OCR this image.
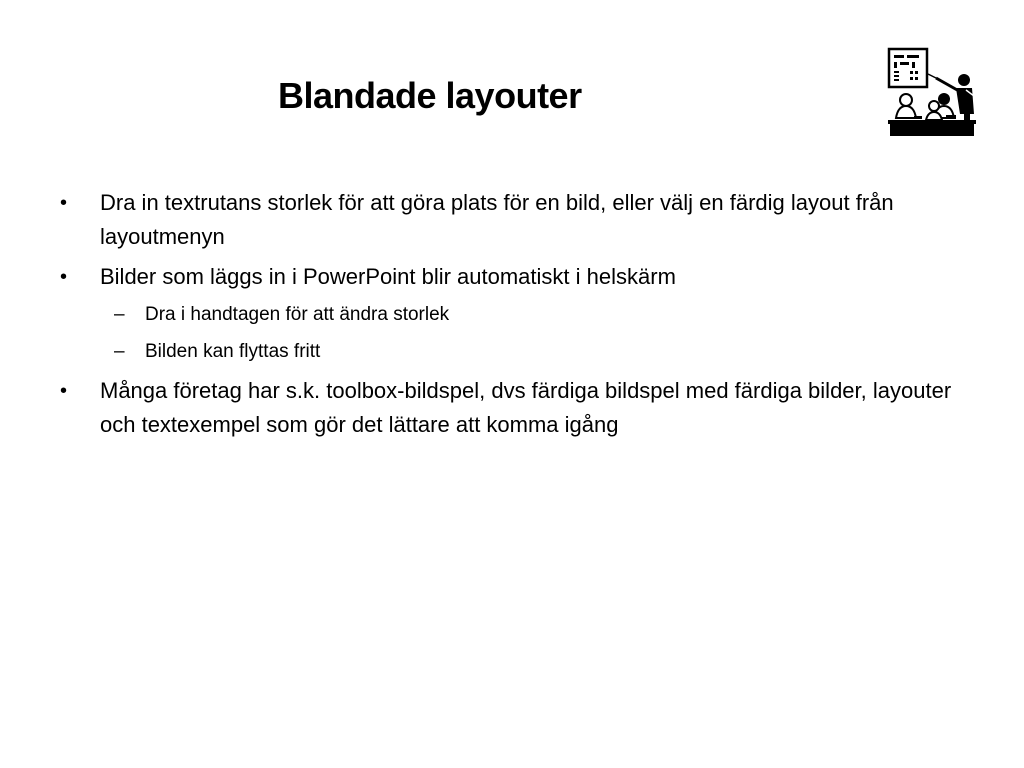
Blandade layouter
•	Dra in textrutans storlek för att göra plats för en bild, eller välj en färdig layout från layoutmenyn
•	Bilder som läggs in i PowerPoint blir automatiskt i helskärm
– Dra i handtagen för att ändra storlek
– Bilden kan flyttas fritt
•	Många företag har s.k. toolbox-bildspel, dvs färdiga bildspel med färdiga bilder, layouter och textexempel som gör det lättare att komma igång
